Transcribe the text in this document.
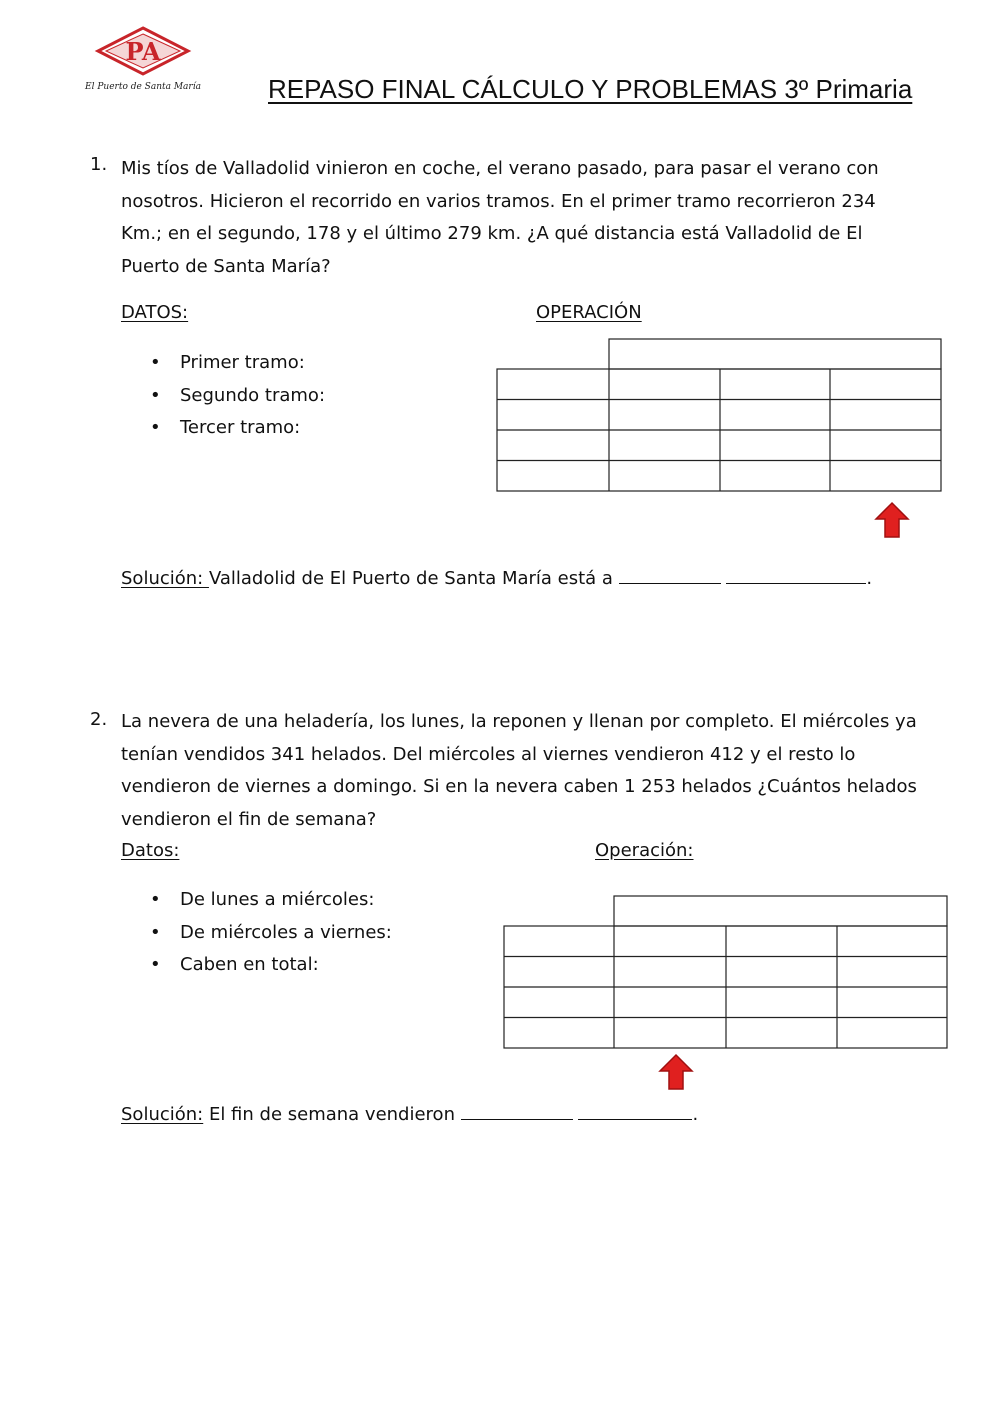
PA
El Puerto de Santa María	REPASO FINAL CÁLCULO Y PROBLEMAS 3º Primaria
1. Mis tíos de Valladolid vinieron en coche, el verano pasado, para pasar el verano con
nosotros. Hicieron el recorrido en varios tramos. En el primer tramo recorrieron 234
Km.; en el segundo, 178 y el último 279 km. ¿A qué distancia está Valladolid de El
Puerto de Santa María?
DATOS:	OPERACIÓN
• Primer tramo:
• Segundo tramo:
• Tercer tramo:
Solución: Valladolid de El Puerto de Santa María está a	.
2. La nevera de una heladería, los lunes, la reponen y llenan por completo. El miércoles ya
tenían vendidos 341 helados. Del miércoles al viernes vendieron 412 y el resto lo
vendieron de viernes a domingo. Si en la nevera caben 1 253 helados ¿Cuántos helados
vendieron el fin de semana?
Datos:	Operación:
• De lunes a miércoles:
• De miércoles a viernes:
• Caben en total:
Solución: El fin de semana vendieron	.
